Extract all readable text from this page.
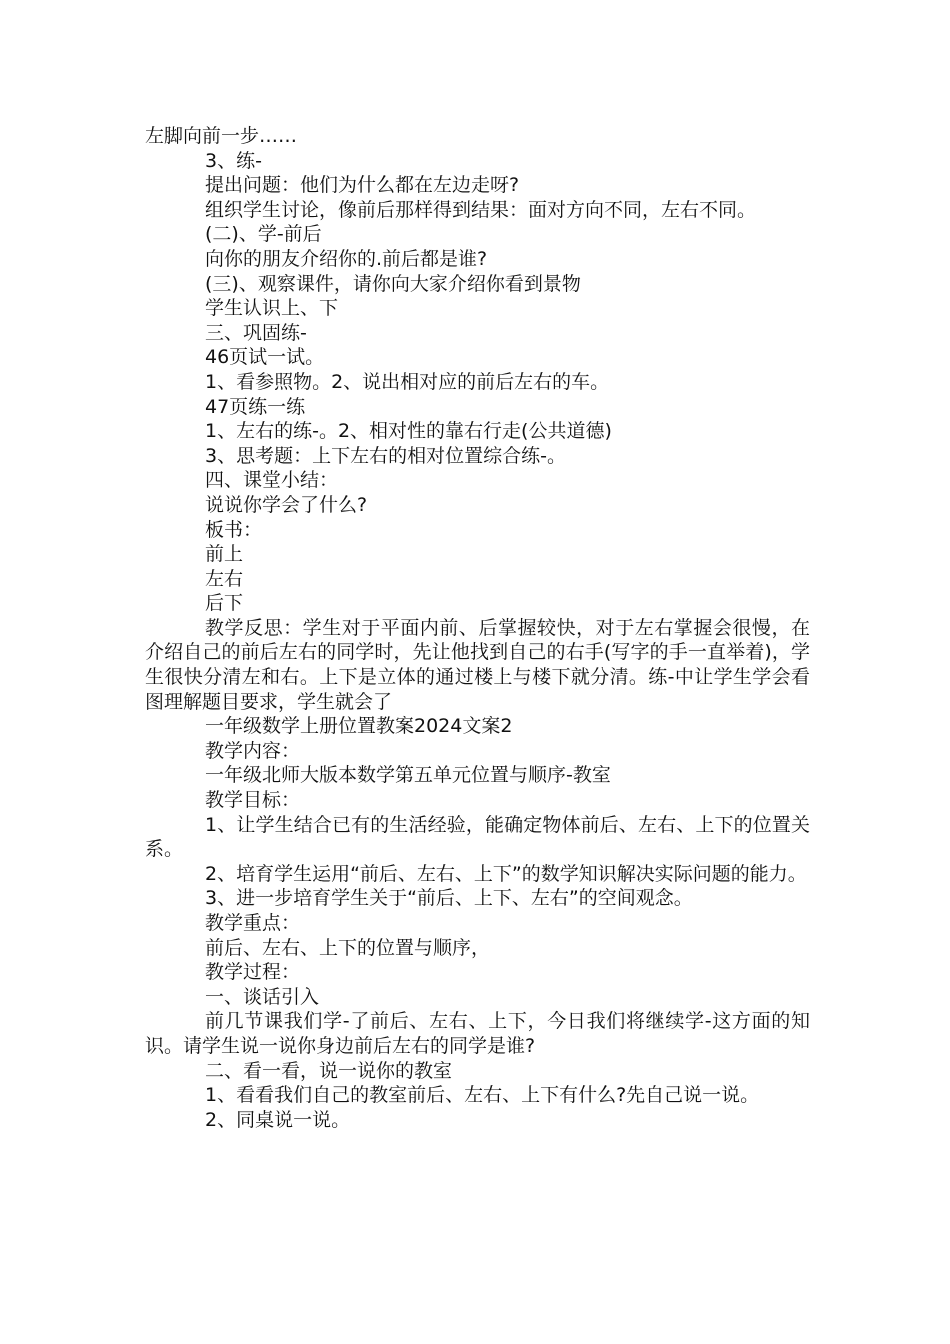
左脚向前一步……
3、练-
提出问题：他们为什么都在左边走呀?
组织学生讨论，像前后那样得到结果：面对方向不同，左右不同。
(二)、学-前后
向你的朋友介绍你的.前后都是谁?
(三)、观察课件，请你向大家介绍你看到景物
学生认识上、下
三、巩固练-
46页试一试。
1、看参照物。2、说出相对应的前后左右的车。
47页练一练
1、左右的练-。2、相对性的靠右行走(公共道德)
3、思考题：上下左右的相对位置综合练-。
四、课堂小结：
说说你学会了什么?
板书：
前上
左右
后下
教学反思：学生对于平面内前、后掌握较快，对于左右掌握会很慢，在介绍自己的前后左右的同学时，先让他找到自己的右手(写字的手一直举着)，学生很快分清左和右。上下是立体的通过楼上与楼下就分清。练-中让学生学会看图理解题目要求，学生就会了
一年级数学上册位置教案2024文案2
教学内容：
一年级北师大版本数学第五单元位置与顺序-教室
教学目标：
1、让学生结合已有的生活经验，能确定物体前后、左右、上下的位置关系。
2、培育学生运用“前后、左右、上下”的数学知识解决实际问题的能力。
3、进一步培育学生关于“前后、上下、左右”的空间观念。
教学重点：
前后、左右、上下的位置与顺序，
教学过程：
一、谈话引入
前几节课我们学-了前后、左右、上下，今日我们将继续学-这方面的知识。请学生说一说你身边前后左右的同学是谁?
二、看一看，说一说你的教室
1、看看我们自己的教室前后、左右、上下有什么?先自己说一说。
2、同桌说一说。
